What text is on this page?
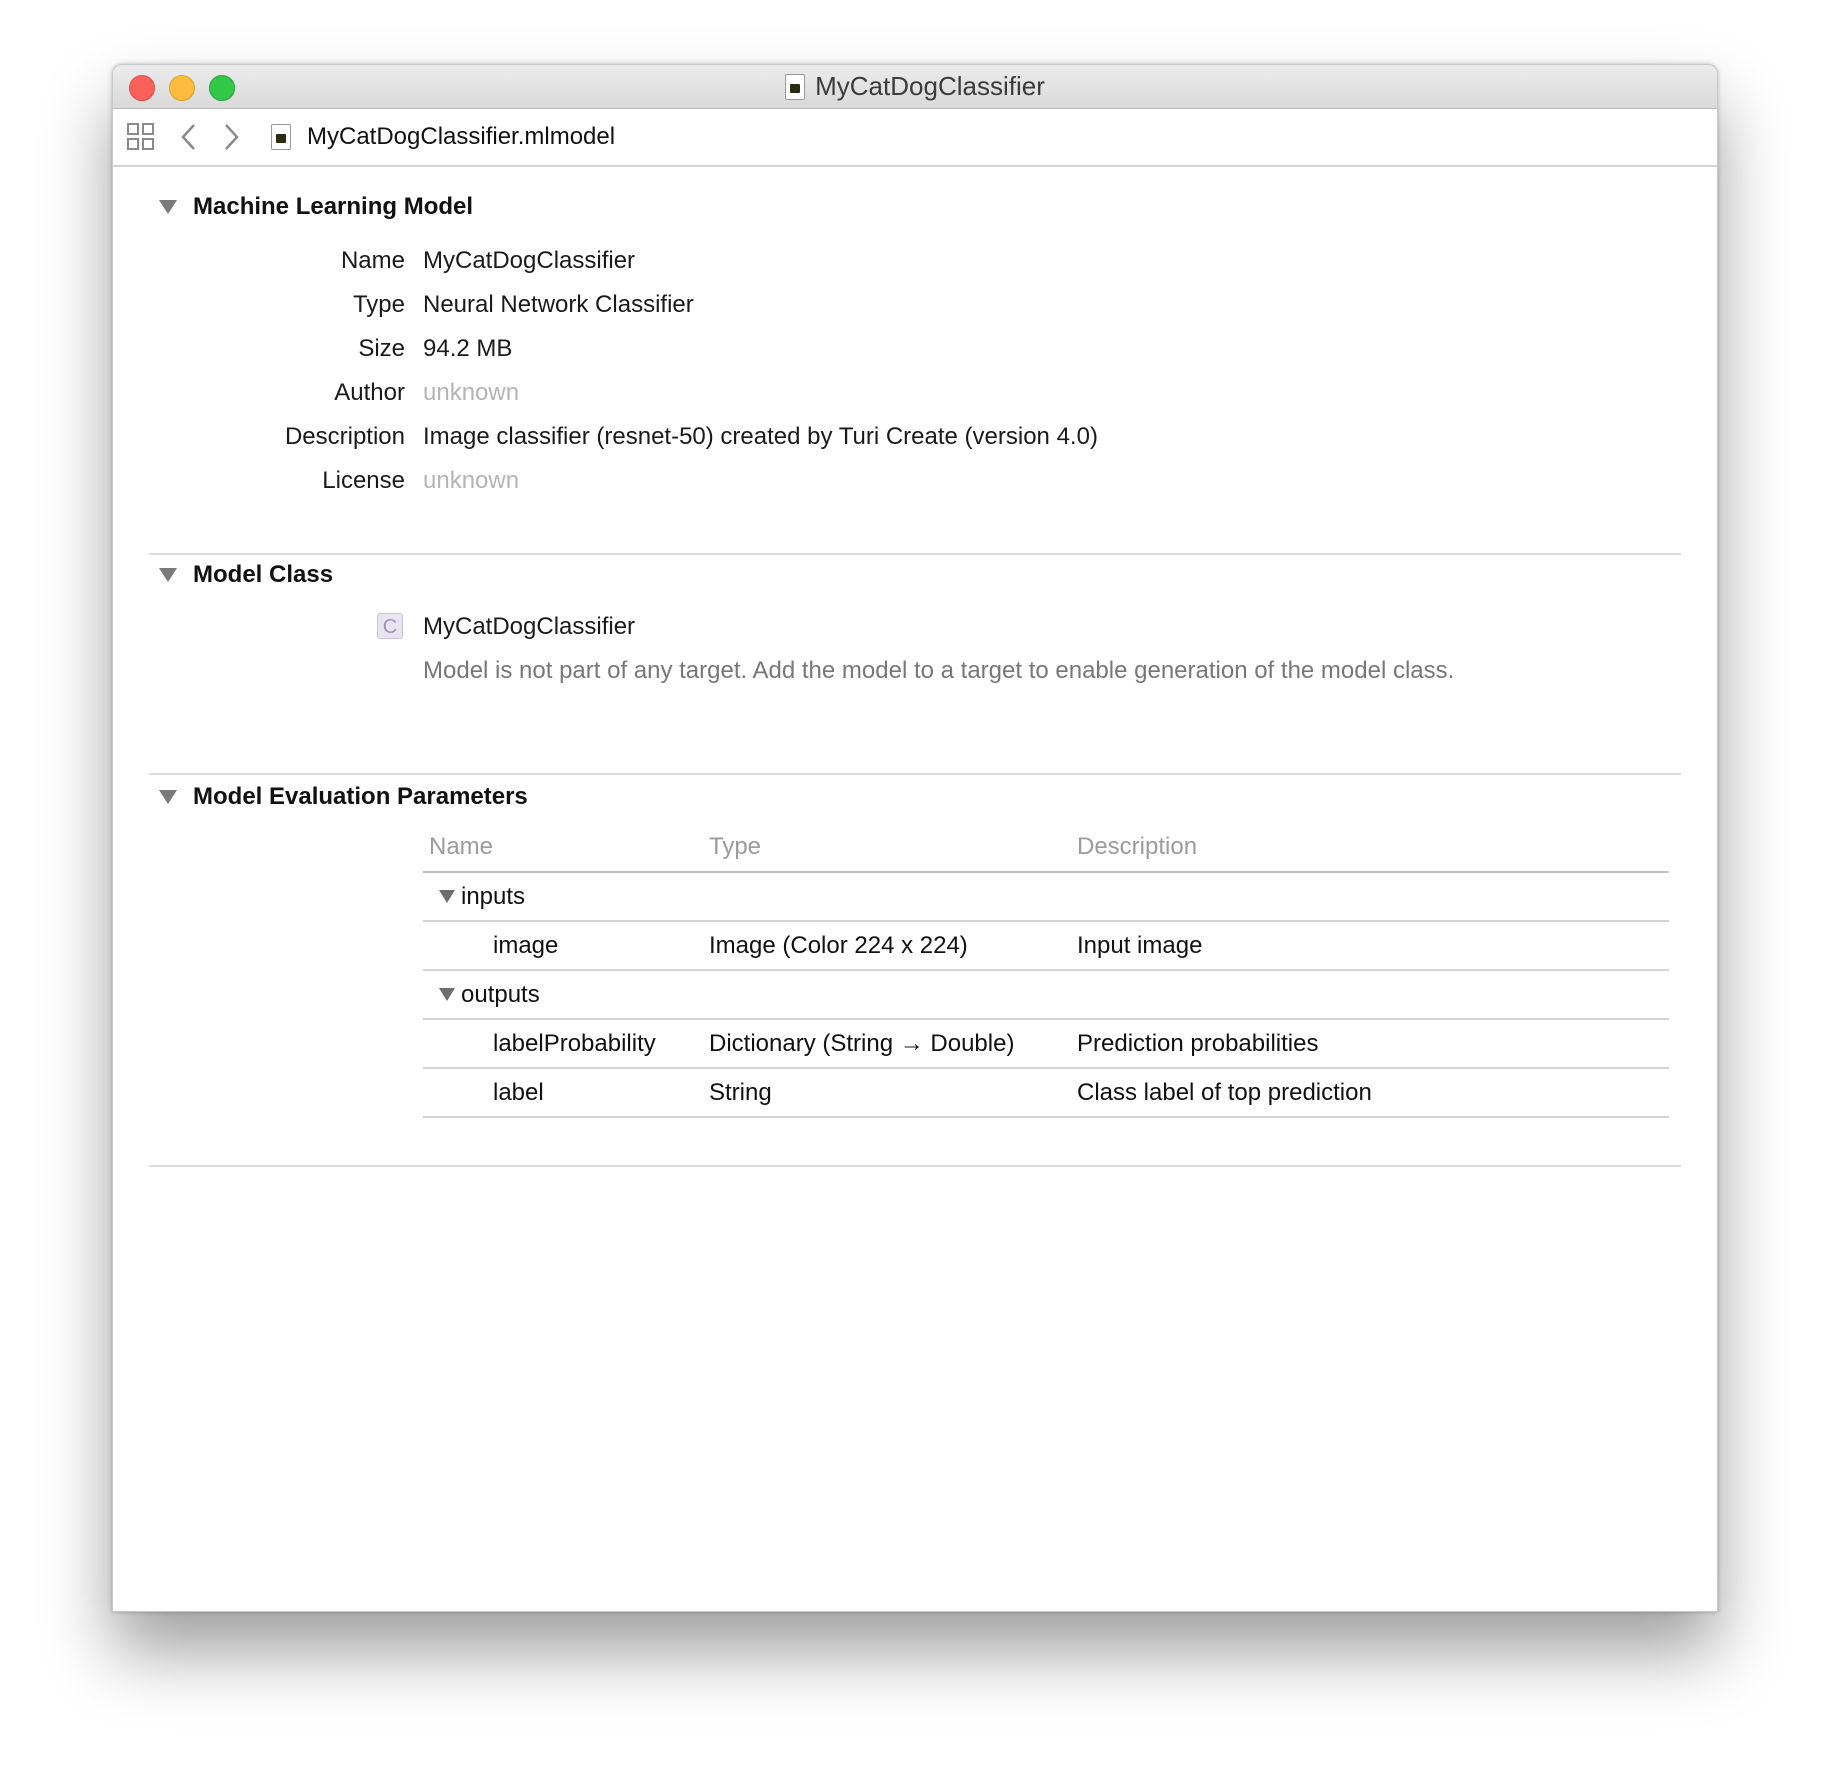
MyCatDogClassifier
MyCatDogClassifier.mlmodel
Machine Learning Model
Name MyCatDogClassifier
Type Neural Network Classifier
Size 94.2 MB
Author unknown
Description Image classifier (resnet-50) created by Turi Create (version 4.0)
License unknown
Model Class
C MyCatDogClassifier
Model is not part of any target. Add the model to a target to enable generation of the model class.
Model Evaluation Parameters
Name	Type	Description
inputs
image	Image (Color 224 x 224)	Input image
outputs
labelProbability Dictionary (String → Double)	Prediction probabilities
label	String	Class label of top prediction
